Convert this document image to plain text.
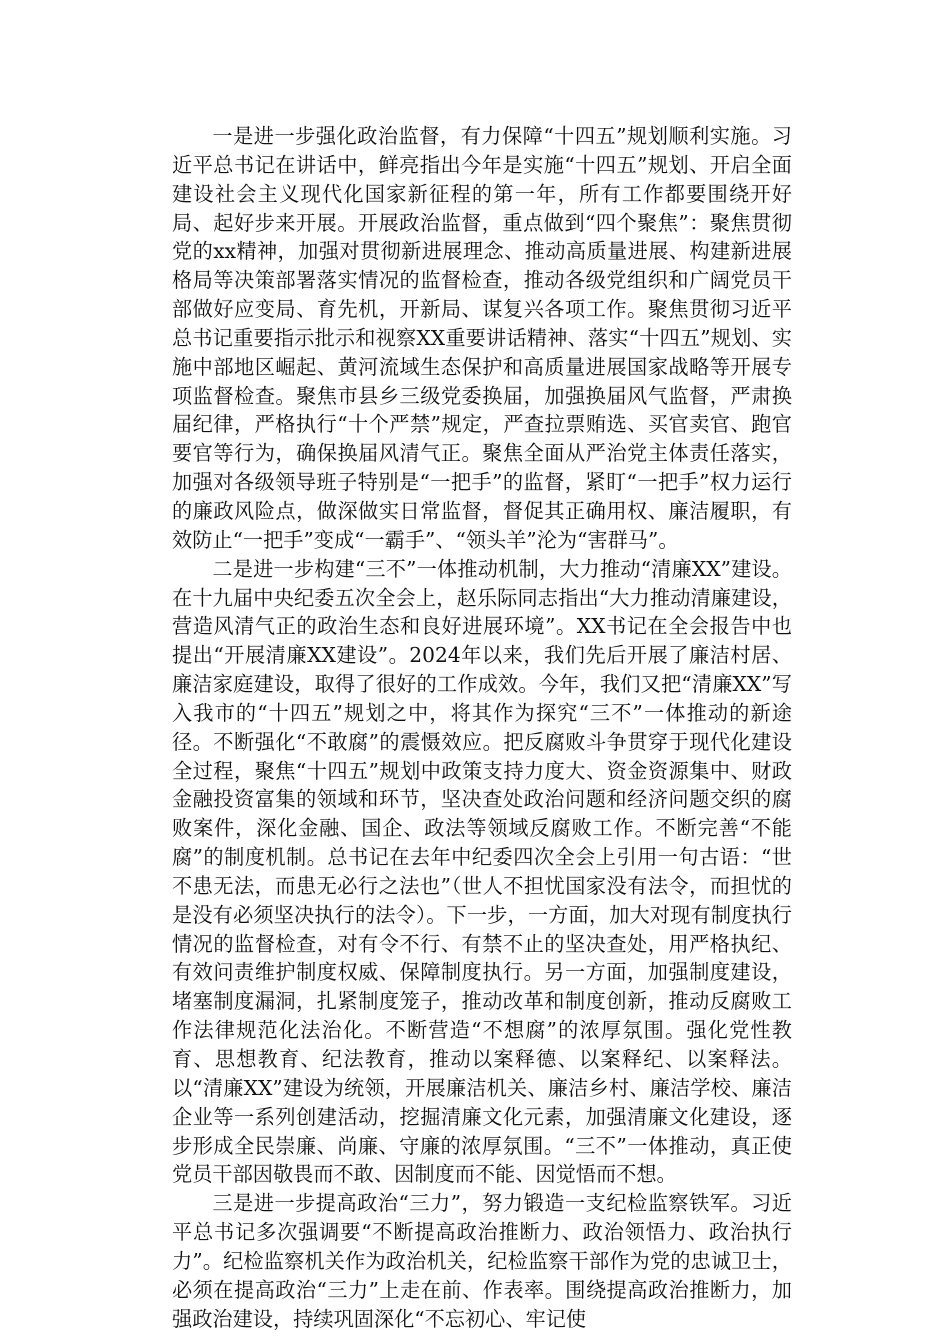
一是进一步强化政治监督，有力保障“十四五”规划顺利实施。习近平总书记在讲话中，鲜亮指出今年是实施“十四五”规划、开启全面建设社会主义现代化国家新征程的第一年，所有工作都要围绕开好局、起好步来开展。开展政治监督，重点做到“四个聚焦”：聚焦贯彻党的xx精神，加强对贯彻新进展理念、推动高质量进展、构建新进展格局等决策部署落实情况的监督检查，推动各级党组织和广阔党员干部做好应变局、育先机，开新局、谋复兴各项工作。聚焦贯彻习近平总书记重要指示批示和视察XX重要讲话精神、落实“十四五”规划、实施中部地区崛起、黄河流域生态保护和高质量进展国家战略等开展专项监督检查。聚焦市县乡三级党委换届，加强换届风气监督，严肃换届纪律，严格执行“十个严禁”规定，严查拉票贿选、买官卖官、跑官要官等行为，确保换届风清气正。聚焦全面从严治党主体责任落实，加强对各级领导班子特别是“一把手”的监督，紧盯“一把手”权力运行的廉政风险点，做深做实日常监督，督促其正确用权、廉洁履职，有效防止“一把手”变成“一霸手”、“领头羊”沦为“害群马”。

二是进一步构建“三不”一体推动机制，大力推动“清廉XX”建设。在十九届中央纪委五次全会上，赵乐际同志指出“大力推动清廉建设，营造风清气正的政治生态和良好进展环境”。XX书记在全会报告中也提出“开展清廉XX建设”。2024年以来，我们先后开展了廉洁村居、廉洁家庭建设，取得了很好的工作成效。今年，我们又把“清廉XX”写入我市的“十四五”规划之中，将其作为探究“三不”一体推动的新途径。不断强化“不敢腐”的震慑效应。把反腐败斗争贯穿于现代化建设全过程，聚焦“十四五”规划中政策支持力度大、资金资源集中、财政金融投资富集的领域和环节，坚决查处政治问题和经济问题交织的腐败案件，深化金融、国企、政法等领域反腐败工作。不断完善“不能腐”的制度机制。总书记在去年中纪委四次全会上引用一句古语：“世不患无法，而患无必行之法也”（世人不担忧国家没有法令，而担忧的是没有必须坚决执行的法令）。下一步，一方面，加大对现有制度执行情况的监督检查，对有令不行、有禁不止的坚决查处，用严格执纪、有效问责维护制度权威、保障制度执行。另一方面，加强制度建设，堵塞制度漏洞，扎紧制度笼子，推动改革和制度创新，推动反腐败工作法律规范化法治化。不断营造“不想腐”的浓厚氛围。强化党性教育、思想教育、纪法教育，推动以案释德、以案释纪、以案释法。以“清廉XX”建设为统领，开展廉洁机关、廉洁乡村、廉洁学校、廉洁企业等一系列创建活动，挖掘清廉文化元素，加强清廉文化建设，逐步形成全民崇廉、尚廉、守廉的浓厚氛围。“三不”一体推动，真正使党员干部因敬畏而不敢、因制度而不能、因觉悟而不想。

三是进一步提高政治“三力”，努力锻造一支纪检监察铁军。习近平总书记多次强调要“不断提高政治推断力、政治领悟力、政治执行力”。纪检监察机关作为政治机关，纪检监察干部作为党的忠诚卫士，必须在提高政治“三力”上走在前、作表率。围绕提高政治推断力，加强政治建设，持续巩固深化“不忘初心、牢记使
